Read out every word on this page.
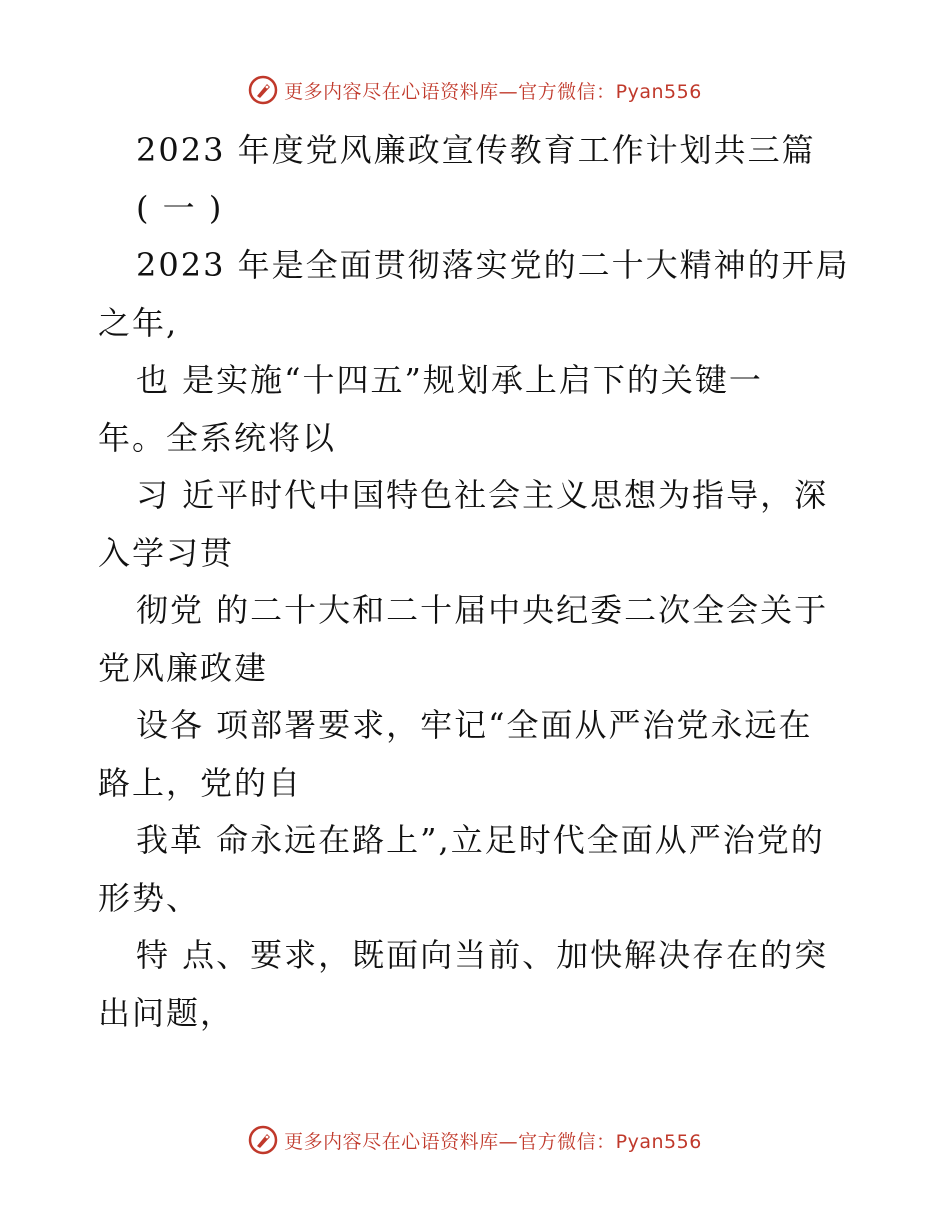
更多内容尽在心语资料库—官方微信：Pyan556

2023 年度党风廉政宣传教育工作计划共三篇

( 一 )

2023 年是全面贯彻落实党的二十大精神的开局

之年,

也 是实施“十四五”规划承上启下的关键一

年。全系统将以

习 近平时代中国特色社会主义思想为指导，深

入学习贯

彻党 的二十大和二十届中央纪委二次全会关于

党风廉政建

设各 项部署要求，牢记“全面从严治党永远在

路上，党的自

我革 命永远在路上”,立足时代全面从严治党的

形势、

特 点、要求，既面向当前、加快解决存在的突

出问题，

更多内容尽在心语资料库—官方微信：Pyan556
